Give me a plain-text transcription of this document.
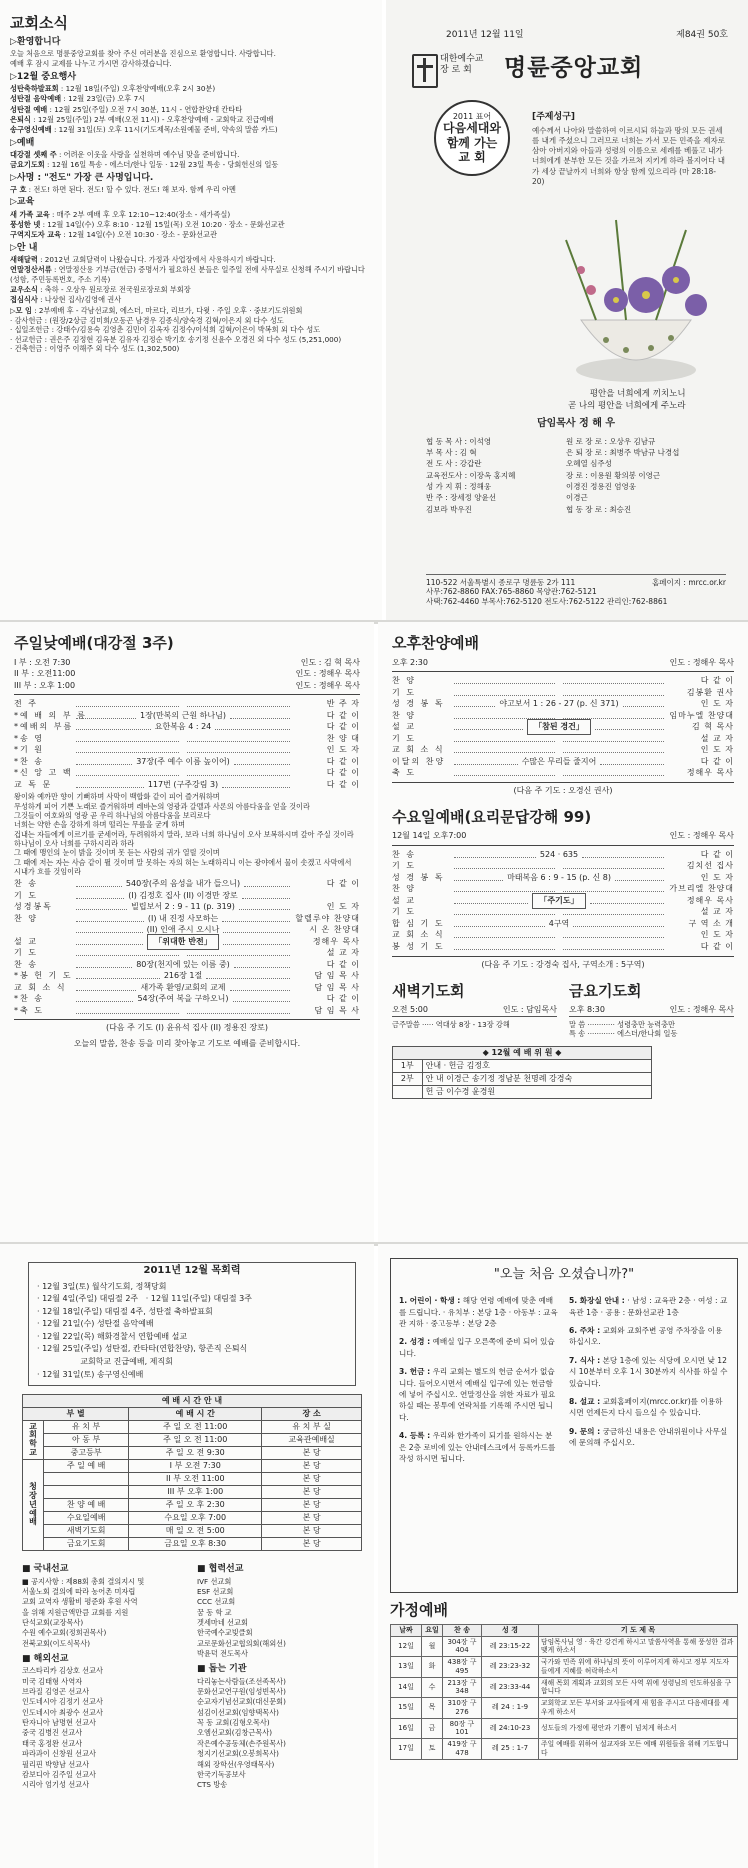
교회소식
▷환영합니다
오늘 처음으로 명륜중앙교회를 찾아 주신 여러분을 진심으로 환영합니다. 사랑합니다.
예배 후 잠시 교제를 나누고 가시면 감사하겠습니다.
▷12월 중요행사
성탄축하발표회 : 12월 18일(주일) 오후찬양예배(오후 2시 30분)
성탄절 음악예배 : 12월 23일(금) 오후 7시
성탄절 예배 : 12월 25일(주일) 오전 7시 30분, 11시 - 연합찬양대 칸타타
은퇴식 : 12월 25일(주일) 2부 예배(오전 11시) - 오후찬양예배 - 교회학교 진급예배
송구영신예배 : 12월 31일(토) 오후 11시(기도제목/소원예물 준비, 약속의 말씀 카드)
▷예배
대강절 셋째 주 : 어려운 이웃을 사랑을 실천하며 예수님 맞을 준비합니다.
금요기도회 : 12월 16일 특송 - 에스더/한나 일동 · 12월 23일 특송 - 당회헌신의 일동
▷사명 : "전도" 가장 큰 사명입니다.
구 호 : 전도! 하면 된다. 전도! 할 수 있다. 전도! 해 보자. 함께 우리 아멘
▷교육
새 가족 교육 : 매주 2부 예배 후 오후 12:10~12:40(장소 - 새가족실)
풍성한 넷 : 12월 14일(수) 오후 8:10 · 12월 15일(목) 오전 10:20 · 장소 - 문화선교관
구역지도자 교육 : 12월 14일(수) 오전 10:30 · 장소 - 문화선교관
▷안 내
새해달력 : 2012년 교회달력이 나왔습니다. 가정과 사업장에서 사용하시기 바랍니다.
연말정산서류 : 연말정산용 기부금(헌금) 증명서가 필요하신 분들은 일주일 전에 사무실로 신청해 주시기 바랍니다(성함, 주민등록번호, 주소 기록)
교우소식 : 축하 - 오상우 원로장로 전국원로장로회 부회장
접심식사 : 나상현 집사/김영애 권사
▷모 임 : 2부예배 후 - 각남선교회, 에스더, 마르다, 리브가, 다윗 · 주일 오후 · 중보기도위원회
· 감사헌금 : (원장/2상금 김미희/오동곤 남경우 김종식/양숙경 김혁/이은지 외 다수 성도
· 십일조헌금 : 강태수/김용숙 김영춘 김민이 김옥자 김정수/이석희 김혁/이은이 박복희 외 다수 성도
· 선교헌금 : 권은주 김정현 김옥분 김유자 김정순 박기호 송기정 신윤수 오경진 외 다수 성도 (5,251,000)
· 건축헌금 : 이영주 이해주 외 다수 성도 (1,302,500)
2011년 12월 11일	제84권 50호
대한예수교
장 로 회	명륜중앙교회
2011 표어
다음세대와
함께 가는
교 회
[주제성구]
예수께서 나아와 말씀하여 이르시되 하늘과 땅의 모든 권세를 내게 주셨으니 그러므로 너희는 가서 모든 민족을 제자로 삼아 아버지와 아들과 성령의 이름으로 세례를 베풀고 내가 너희에게 분부한 모든 것을 가르쳐 지키게 하라 볼지어다 내가 세상 끝날까지 너희와 항상 함께 있으리라 (마 28:18-20)
평안을 너희에게 끼치노니
곧 나의 평안을 너희에게 주노라
담임목사 정 해 우
협 동 목 사 : 이석영	원 로 장 로 : 오상우 김남규
부 목 사 : 김 혁	은 퇴 장 로 : 최병주 박남규 나경섭
전 도 사 : 강갑란	오혜열 심주성
교육전도사 : 이장옥 홍지혜	장 로 : 이용원 황의봉 이영근
성 가 지 휘 : 정해웅	이경진 정용진 엄영웅
반 주 : 장세정 양윤선	이경근
김보라 박우진	협 동 장 로 : 최승진
110-522 서울특별시 종로구 명륜동 2가 111	홈페이지 : mrcc.or.kr
사무:762-8860 FAX:765-8860 목양관:762-5121
사택:762-4460 부목사:762-5120 전도사:762-5122 관리인:762-8861
주일낮예배(대강절 3주)
I 부 : 오전 7:30	인도 : 김 혁 목사
II 부 : 오전11:00	인도 : 정해우 목사
III 부 : 오후 1:00	인도 : 정해우 목사
전 주	반 주 자
*예 배 의 부 름	1장(만복의 근원 하나님)	다 같 이
*예배의 부름	요한복음 4 : 24	다 같 이
*송 영	찬 양 대
*기 원	인 도 자
*찬 송	37장(주 예수 이름 높이어)	다 같 이
*신 앙 고 백	다 같 이
교 독 문	117번 (구주강림 3)	다 같 이
왕이와 예까만 향이 기뻐하며 사막이 백합화 같이 피어 즐거워하며
무성하게 피어 기쁜 노래로 즐거워하며 레바논의 영광과 갈멜과 사론의 아름다움을 얻을 것이라
그것들이 여호와의 영광 곧 우리 하나님의 아름다움을 보리로다
너희는 약한 손을 강하게 하며 떨리는 무릎을 굳게 하며
겁내는 자들에게 이르기를 굳세어라, 두려워하지 말라, 보라 너희 하나님이 오사 보복하시며 갚아 주실 것이라 하나님이 오사 너희를 구하시리라 하라
그 때에 맹인의 눈이 밝을 것이며 못 듣는 사람의 귀가 열릴 것이며
그 때에 저는 자는 사슴 같이 뛸 것이며 말 못하는 자의 혀는 노래하리니 이는 광야에서 물이 솟겠고 사막에서 시내가 흐를 것임이라
찬 송	540장(주의 음성을 내가 들으니)	다 같 이
기 도	(I) 김정호 집사 (II) 이경만 장로
성경봉독	빌립보서 2 : 9 - 11 (p. 319)	인 도 자
찬 양	(I) 내 진정 사모하는	할렐루야 찬양대
(II) 인애 주시 오시나	시 온 찬양대
설 교	「위대한 반전」	정해우 목사
기 도	설 교 자
찬 송	80장(천지에 있는 이름 중)	다 같 이
*봉 헌 기 도	216장 1절	담 임 목 사
교 회 소 식	새가족 환영/교회의 교제	담 임 목 사
*찬 송	54장(주여 복을 구하오니)	다 같 이
*축 도	담 임 목 사
(다음 주 기도 (I) 윤유석 집사 (II) 정용진 장로)
오늘의 말씀, 찬송 등을 미리 찾아놓고 기도로 예배를 준비합시다.
오후찬양예배
오후 2:30	인도 : 정해우 목사
찬 양	다 같 이
기 도	김봉환 권사
성 경 봉 독	야고보서 1 : 26 - 27 (p. 신 371)	인 도 자
찬 양	임마누엘 찬양대
설 교	「참된 경건」	김 혁 목사
기 도	설 교 자
교 회 소 식	인 도 자
이달의 찬양	수많은 무리들 줄지어	다 같 이
축 도	정해우 목사
(다음 주 기도 : 오경신 권사)
수요일예배(요리문답강해 99)
12월 14일 오후7:00	인도 : 정해우 목사
찬 송	524 · 635	다 같 이
기 도	김치선 집사
성 경 봉 독	마태복음 6 : 9 - 15 (p. 신 8)	인 도 자
찬 양	가브리엘 찬양대
설 교	「주기도」	정해우 목사
기 도	설 교 자
합 심 기 도	4구역	구 역 소 개
교 회 소 식	인 도 자
봉 성 기 도	다 같 이
(다음 주 기도 : 강경숙 집사, 구역소개 : 5구역)
새벽기도회
오전 5:00	인도 : 담임목사
금주말씀 ····· 역대상 8장 - 13장 강해
금요기도회
오후 8:30	인도 : 정해우 목사
말 씀 ············ 성령충만 능력충만
특 송 ············ 에스더/한나회 일동
◆ 12월 예 배 위 원 ◆	
1부	안내 · 헌금 김정호
2부	안 내 이경근 송기정 정남분 천명례 강경숙
	헌 금 이수경 윤경원
2011년 12월 목회력
· 12월 3일(토) 월삭기도회, 정책당회
· 12월 4일(주일) 대림절 2주   · 12월 11일(주일) 대림절 3주
· 12월 18일(주일) 대림절 4주, 성탄절 축하발표회
· 12월 21일(수) 성탄절 음악예배
· 12월 22일(목) 해화경찰서 연합예배 설교
· 12월 25일(주일) 성탄절, 칸타타(연합찬양), 항존직 은퇴식
교회학교 진급예배, 제직회
· 12월 31일(토) 송구영신예배
예 배 시 간 안 내			
부 별		예 배 시 간	장 소
교회학교	유 치 부	주 일 오 전 11:00	유 치 부 실
	아 동 부	주 일 오 전 11:00	교육관예배실
	중고등부	주 일 오 전 9:30	본 당
청장년예배	주 일 예 배	I 부 오전 7:30	본 당
		II 부 오전 11:00	본 당
		III 부 오후 1:00	본 당
	찬 양 예 배	주 일 오 후 2:30	본 당
	수요일예배	수요일 오후 7:00	본 당
	새벽기도회	매 일 오 전 5:00	본 당
	금요기도회	금요일 오후 8:30	본 당
■ 국내선교
■ 공지사항 : 제88회 총회 결의지시 및
서울노회 결의에 따라 농어촌 미자립
교회 교역자 생활비 평준화 후원 사역
을 위해 지원금액만큼 교회를 지원
단석교회(교장목사)
수원 예수교회(정희권목사)
전북교회(이도식목사)
■ 해외선교
코스타리카 김상호 선교사
미국 김태형 사역자
브라질 김영곤 선교사
인도네시아 김정기 선교사
인도네시아 최광수 선교사
탄자니아 남명현 선교사
중국 김병진 선교사
태국 홍정완 선교사
파라과이 신창원 선교사
필리핀 박향남 선교사
캄보디아 김주일 선교사
시리아 엄기성 선교사
■ 협력선교
IVF 선교회
ESF 선교회
CCC 선교회
꿈 동 학 교
겟세마네 선교회
한국예수교빛클회
교로문화선교협의회(해외선)
박윤덕 전도목사
■ 돕는 기관
다리놓는사람들(조선족목사)
문화선교연구원(임성빈목사)
순교자기념선교회(대신문회)
섬김이선교회(임향택목사)
꼭 동 교회(김형오목사)
오엠선교회(김창근목사)
작은예수공동체(손주원목사)
청지기선교회(오봉희목사)
해외 장학선(우영태목사)
한국기독공보사
CTS 방송
"오늘 처음 오셨습니까?"

1. 어린이 · 학생 : 해당 연령 예배에 맞춘 예배를 드립니다. · 유치부 : 본당 1층 · 아동부 : 교육관 지하 · 중고등부 : 본당 2층

2. 성경 : 예배실 입구 오른쪽에 준비 되어 있습니다.

3. 헌금 : 우리 교회는 별도의 헌금 순서가 없습니다. 들어오시면서 예배실 입구에 있는 헌금함에 넣어 주십시오. 연말정산을 위한 자료가 필요 하실 때는 봉투에 연락처를 기록해 주시면 됩니다.

4. 등록 : 우리와 한가족이 되기를 원하시는 분은 2층 로비에 있는 안내데스크에서 등록카드를 작성 하시면 됩니다.

5. 화장실 안내 : · 남성 : 교육관 2층 · 여성 : 교육관 1층 · 공용 : 문화선교관 1층

6. 주차 : 교회와 교회주변 공영 주차장을 이용하십시오.

7. 식사 : 본당 1층에 있는 식당에 오시면 낮 12시 10분부터 오후 1시 30분까지 식사를 하실 수 있습니다.

8. 설교 : 교회홈페이지(mrcc.or.kr)를 이용하시면 언제든지 다시 들으실 수 있습니다.

9. 문의 : 궁금하신 내용은 안내위원이나 사무실에 문의해 주십시오.

가정예배
날짜	요일	찬 송	성 경	기 도 제 목
12일	월	304장 구 404	레 23:15-22	담임목사님 영 · 육간 강건케 하시고 말씀사역을 통해 풍성한 결과 맺게 하소서
13일	화	438장 구 495	레 23:23-32	국가와 민족 위에 하나님의 뜻이 이루어지게 하시고 정부 지도자들에게 지혜를 허락하소서
14일	수	213장 구 348	레 23:33-44	새해 목회 계획과 교회의 모든 사역 위에 성령님의 인도하심을 구합니다
15일	목	310장 구 276	레 24 : 1-9	교회학교 모든 부서와 교사들에게 새 힘을 주시고 다음세대를 세우게 하소서
16일	금	80장 구 101	레 24:10-23	성도들의 가정에 평안과 기쁨이 넘치게 하소서
17일	토	419장 구 478	레 25 : 1-7	주일 예배를 위하여 설교자와 모든 예배 위원들을 위해 기도합니다
